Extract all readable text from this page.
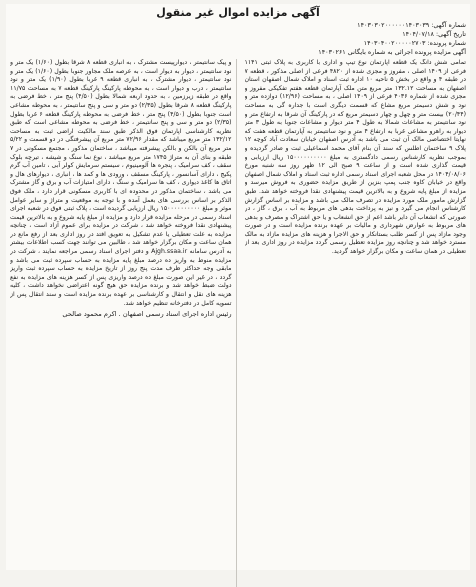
آگهی مزایده اموال غیر منقول
شماره آگهی: ۱۴۰۳۰۳۰۲۰۰۰۰۰۰۱۴۰۳۰۳۹
تاریخ آگهی: ۱۴۰۴/۰۷/۱۸
شماره پرونده: ۱۴۰۳۰۴۰۰۲۰۰۰۰۰۲۷۰۳
آگهی مزایده پرونده اجرائی به شماره بایگانی ۱۴۰۳۰۲۶۱

تمامی شش دانگ یک قطعه آپارتمان نوع تیپ و اداری با کاربری به پلاک ثبتی ۱۱۴۱ فرعی از ۱۴۰۹ اصلی ، مفروز و مجزی شده از ۴۸۲۰ فرعی از اصلی مذکور ، قطعه ۷ در طبقه ۴ و واقع در بخش ۵ ناحیه ۱۰ اداره ثبت اسناد و املاک شمال اصفهان استان اصفهان به مساحت ۱۳۲.۱۲ متر مربع متن ملک آپارتمان قطعه هفتم تفکیکی مفروز و مجزی شده از شماره ۴۰۳۶ فرعی از ۱۴۰۹ اصلی ، به مساحت (۱۲/۹۶) دوازده متر و نود و شش دسیمتر مربع مشاع که قسمت دیگری است با جداره گی به مساحت (۲۰/۴۴) بیست متر و چهل و چهار دسیمتر مربع که در پارکینگ آن شرقا به ارتفاع متر و نود سانتیمتر به مشاعات شمالا به طول ۴ متر دیوار و مشاعات جنوبا به طول ۳ متر دیوار به راهرو مشاعی غربا به ارتفاع ۴ متر و نود سانتیمتر به آپارتمان قطعه هفت که نهایتا اختصاصی مالک آن ثبت می باشد به آدرس اصفهان خیابان سعادت آباد کوچه ۱۲ پلاک ۹ ساختمان اطلس که سند آن بنام آقای محمد اسماعیلی ثبت و صادر گردیده و بموجب نظریه کارشناس رسمی دادگستری به مبلغ ۱۵۰۰۰۰۰۰۰۰۰۰ ریال ارزیابی و قیمت گذاری شده است و از ساعت ۹ صبح الی ۱۲ ظهر روز سه شنبه مورخ ۱۴۰۴/۰۸/۰۶ در محل شعبه اجرای اسناد رسمی اداره ثبت اسناد و املاک شمال اصفهان واقع در خیابان کاوه جنب پمپ بنزین از طریق مزایده حضوری به فروش میرسد و مزایده از مبلغ پایه شروع و به بالاترین قیمت پیشنهادی نقدا فروخته خواهد شد. طبق گزارش مامور ملک مورد مزایده در تصرف مالک می باشد و مزایده بر اساس گزارش کارشناس انجام می گیرد و نیز به پرداخت بدهی های مربوط به آب ، برق ، گاز ، در صورتی که انشعاب آن دایر باشد اعم از حق انشعاب و یا حق اشتراک و مصرف و بدهی های مربوط به عوارض شهرداری و مالیات بر عهده برنده مزایده است و در صورت وجود مازاد پس از کسر طلب بستانکار و حق الاجرا و هزینه های مزایده مازاد به مالک مسترد خواهد شد و چنانچه روز مزایده تعطیل رسمی گردد مزایده در روز اداری بعد از تعطیلی در همان ساعت و مکان برگزار خواهد گردید.

و پیک سانتیمتر ، دیوارپیست مشترک ، به انباری قطعه ۸ شرقا بطول (۱/۶۰) یک متر و نود سانتیمتر ، دیوار به دیوار است ، به عرصه ملک مجاور جنوبا بطول (۱/۶۰) یک متر و نود سانتیمتر ، دیوار مشترک ، به انباری قطعه ۹ غربا بطول (۱/۹۰) یک متر و نود سانتیمتر ، درب و دیوار است ، به محوطه پارکینگ پارکینگ قطعه ۷ به مساحت ۱۱/۷۵ واقع در طبقه زیرزمین ، به حدود اربعه شمالا بطول (۴/۵۰) پنج متر ، خط فرضی به پارکینگ قطعه ۸ شرقا بطول (۲/۳۵) دو متر و سی و پنج سانتیمتر ، به محوطه مشاعی است جنوبا بطول (۴/۵۰) پنج متر ، خط فرضی به محوطه پارکینگ قطعه ۶ غربا بطول (۲/۳۵) دو متر و سی و پنج سانتیمتر ، خط فرضی به محوطه مشاعی است که طبق نظریه کارشناسی اپارتمان فوق الذکر طبق سند مالکیت اراضی ثبت به مساحت ۱۳۲/۱۲ متر مربع میباشد که مقدار ۷۲/۹۶ متر مربع آن پیشرفتگی در دو قسمت و ۵/۲۲ متر مربع آن بالکن و بالکن پیشرفته میباشد ، ساختمان مذکور ، مجتمع مسکونی در ۷ طبقه و بنای آن به متراژ ۱۷۴۵ متر مربع میباشد ، نوع نما سنگ و شیشه ، تیرچه بلوک سقف ، کف سرامیک ، پنجره ها آلومینیوم ، سیستم سرمایش کولر آبی ، تامین آب گرم پکیج ، دارای آسانسور ، پارکینگ مسقف ، ورودی ها و کمد ها ، انباری ، دیوارهای هال و اتاق ها کاغذ دیواری ، کف ها سرامیک و سنگ ، دارای امتیازات آب و برق و گاز مشترک می باشد ، ساختمان مذکور در محدوده ای با کاربری مسکونی قرار دارد ، ملک فوق الذکر بر اساس بررسی های بعمل آمده و با توجه به موقعیت و متراژ و سایر عوامل موثر و مبلغ ۱۵۰۰۰۰۰۰۰۰۰۰ ریال ارزیابی گردیده است ، پلاک ثبتی فوق در شعبه اجرای اسناد رسمی در مرحله مزایده قرار دارد و مزایده از مبلغ پایه شروع و به بالاترین قیمت پیشنهادی نقدا فروخته خواهد شد ، شرکت در مزایده برای عموم آزاد است ، چنانچه مزایده به علت تعطیلی یا عدم تشکیل به تعویق افتد در روز اداری بعد از رفع مانع در همان ساعت و مکان برگزار خواهد شد ، طالبین می توانند جهت کسب اطلاعات بیشتر به آدرس سامانه Ajgh.ssaa.ir و دفتر اجرای اسناد رسمی مراجعه نمایند ، شرکت در مزایده منوط به واریز ده درصد مبلغ پایه مزایده به حساب سپرده ثبت می باشد و مابقی وجه حداکثر ظرف مدت پنج روز از تاریخ مزایده به حساب سپرده ثبت واریز گردد ، در غیر این صورت مبلغ ده درصد واریزی پس از کسر هزینه های مزایده به نفع دولت ضبط خواهد شد و برنده مزایده حق هیچ گونه اعتراضی نخواهد داشت ، کلیه هزینه های نقل و انتقال و کارشناسی بر عهده برنده مزایده است و سند انتقال پس از تسویه کامل در دفترخانه تنظیم خواهد شد.

رئیس اداره اجرای اسناد رسمی اصفهان . اکرم محمود صالحی
